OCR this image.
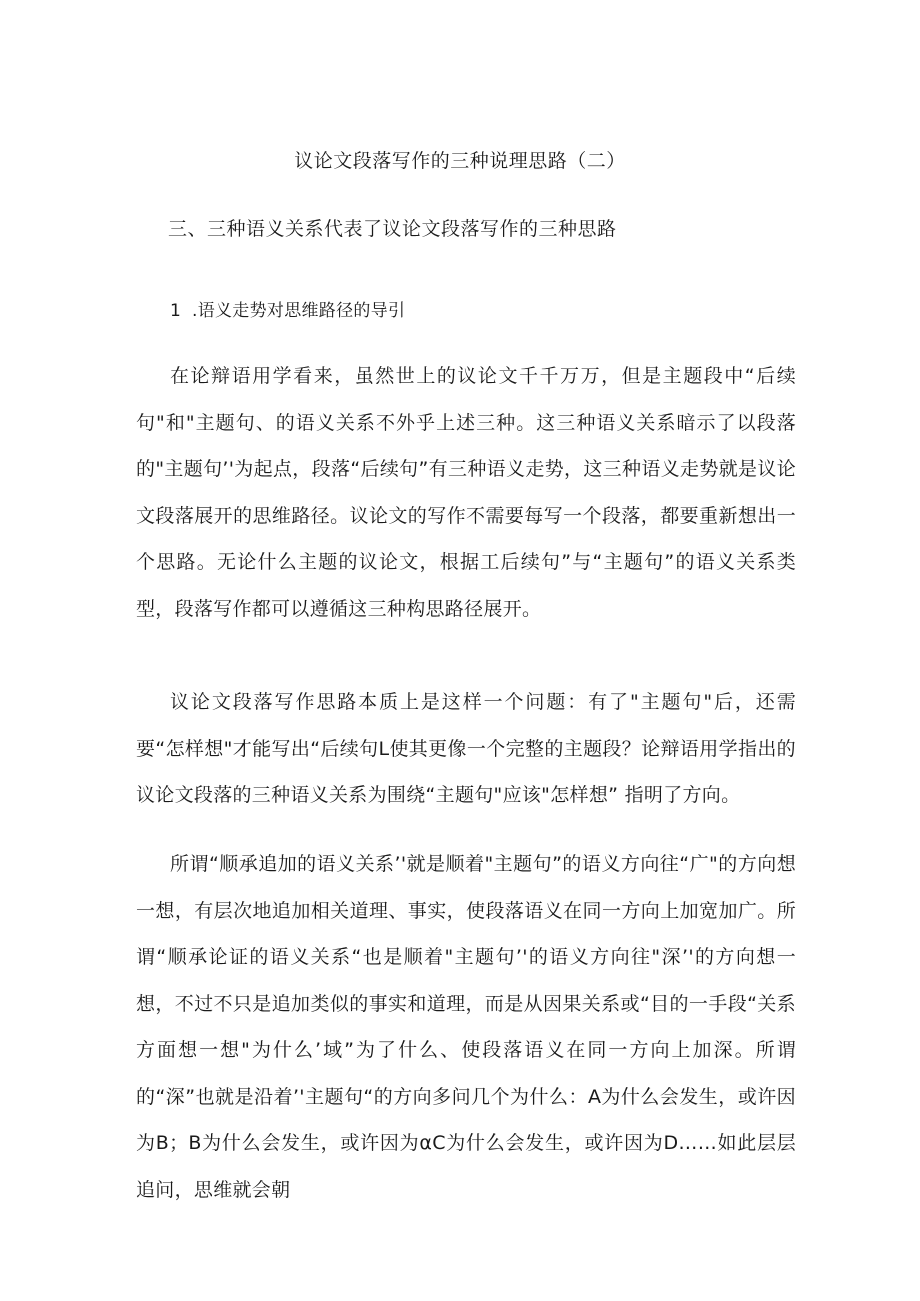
议论文段落写作的三种说理思路（二）
三、三种语义关系代表了议论文段落写作的三种思路
1 .语义走势对思维路径的导引

在论辩语用学看来，虽然世上的议论文千千万万，但是主题段中“后续句"和"主题句、的语义关系不外乎上述三种。这三种语义关系暗示了以段落的"主题句’'为起点，段落“后续句”有三种语义走势，这三种语义走势就是议论文段落展开的思维路径。议论文的写作不需要每写一个段落，都要重新想出一个思路。无论什么主题的议论文，根据工后续句”与“主题句”的语义关系类型，段落写作都可以遵循这三种构思路径展开。

议论文段落写作思路本质上是这样一个问题：有了"主题句"后，还需要“怎样想"才能写出“后续句L使其更像一个完整的主题段？论辩语用学指出的议论文段落的三种语义关系为围绕“主题句"应该"怎样想” 指明了方向。

所谓“顺承追加的语义关系’'就是顺着"主题句”的语义方向往“广"的方向想一想，有层次地追加相关道理、事实，使段落语义在同一方向上加宽加广。所谓“顺承论证的语义关系“也是顺着"主题句’'的语义方向往"深’'的方向想一想，不过不只是追加类似的事实和道理，而是从因果关系或“目的一手段“关系方面想一想"为什么’域”为了什么、使段落语义在同一方向上加深。所谓的“深”也就是沿着’'主题句“的方向多问几个为什么：A为什么会发生，或许因为B；B为什么会发生，或许因为αC为什么会发生，或许因为D……如此层层追问，思维就会朝
